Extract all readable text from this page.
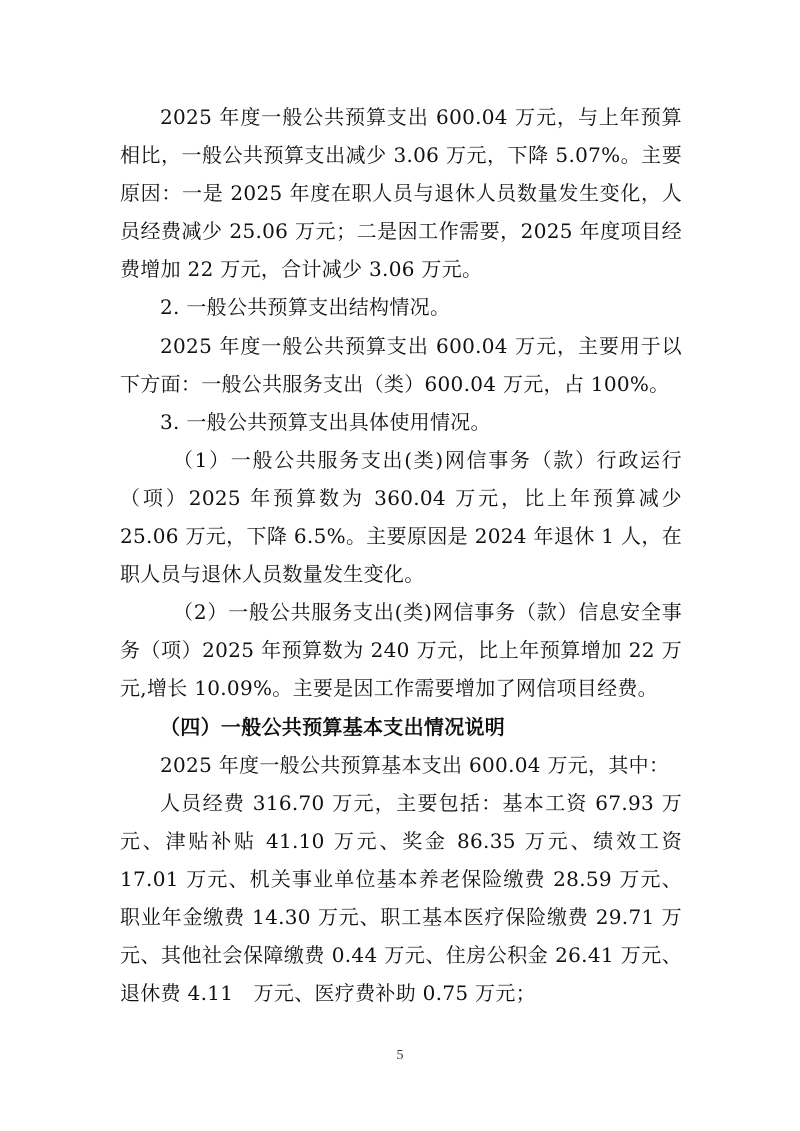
2025 年度一般公共预算支出 600.04 万元，与上年预算相比，一般公共预算支出减少 3.06 万元，下降 5.07%。主要原因：一是 2025 年度在职人员与退休人员数量发生变化，人员经费减少 25.06 万元；二是因工作需要，2025 年度项目经费增加 22 万元，合计减少 3.06 万元。

2. 一般公共预算支出结构情况。

2025 年度一般公共预算支出 600.04 万元，主要用于以下方面：一般公共服务支出（类）600.04 万元，占 100%。

3. 一般公共预算支出具体使用情况。

（1）一般公共服务支出(类)网信事务（款）行政运行（项）2025 年预算数为 360.04 万元，比上年预算减少 25.06 万元，下降 6.5%。主要原因是 2024 年退休 1 人，在职人员与退休人员数量发生变化。

（2）一般公共服务支出(类)网信事务（款）信息安全事务（项）2025 年预算数为 240 万元，比上年预算增加 22 万元,增长 10.09%。主要是因工作需要增加了网信项目经费。

（四）一般公共预算基本支出情况说明

2025 年度一般公共预算基本支出 600.04 万元，其中：

人员经费 316.70 万元，主要包括：基本工资 67.93 万元、津贴补贴 41.10 万元、奖金 86.35 万元、绩效工资 17.01 万元、机关事业单位基本养老保险缴费 28.59 万元、职业年金缴费 14.30 万元、职工基本医疗保险缴费 29.71 万元、其他社会保障缴费 0.44 万元、住房公积金 26.41 万元、退休费 4.11　万元、医疗费补助 0.75 万元；

5
